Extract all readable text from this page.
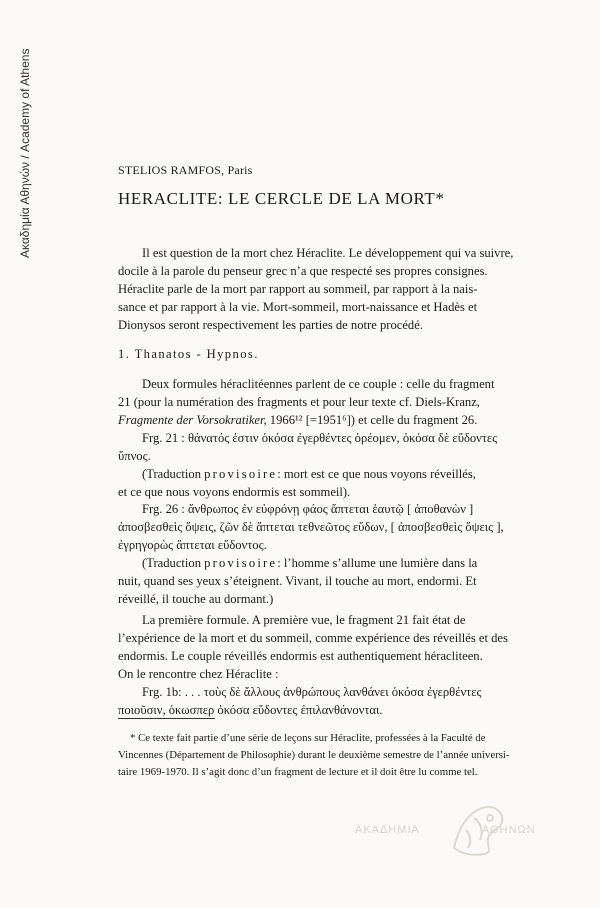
Ακαδημία Αθηνών / Academy of Athens	STELIOS RAMFOS, Paris
HERACLITE: LE CERCLE DE LA MORT*
Il est question de la mort chez Héraclite. Le développement qui va suivre,
docile à la parole du penseur grec n’a que respecté ses propres consignes.
Héraclite parle de la mort par rapport au sommeil, par rapport à la nais-
sance et par rapport à la vie. Mort-sommeil, mort-naissance et Hadès et
Dionysos seront respectivement les parties de notre procédé.
1. Thanatos - Hypnos.
Deux formules héraclitéennes parlent de ce couple : celle du fragment
21 (pour la numération des fragments et pour leur texte cf. Diels-Kranz,
Fragmente der Vorsokratiker, 1966¹² [=1951⁶]) et celle du fragment 26.
Frg. 21 : θάνατός ἐστιν ὁκόσα ἐγερθέντες ὁρέομεν, ὁκόσα δὲ εὕδοντες
ὕπνος.
(Traduction provisoire: mort est ce que nous voyons réveillés,
et ce que nous voyons endormis est sommeil).
Frg. 26 : ἄνθρωπος ἐν εὐφρόνῃ φάος ἅπτεται ἑαυτῷ [ ἀποθανὼν ]
ἀποσβεσθεὶς ὄψεις, ζῶν δὲ ἅπτεται τεθνεῶτος εὕδων, [ ἀποσβεσθεὶς ὄψεις ],
ἐγρηγορὼς ἅπτεται εὕδοντος.
(Traduction provisoire: l’homme s’allume une lumière dans la
nuit, quand ses yeux s’éteignent. Vivant, il touche au mort, endormi. Et
réveillé, il touche au dormant.)
La première formule. A première vue, le fragment 21 fait état de
l’expérience de la mort et du sommeil, comme expérience des réveillés et des
endormis. Le couple réveillés endormis est authentiquement héracliteen.
On le rencontre chez Héraclite :
Frg. 1b: . . . τοὺς δὲ ἄλλους ἀνθρώπους λανθάνει ὁκόσα ἐγερθέντες
ποιοῦσιν, ὁκωσπερ ὁκόσα εὕδοντες ἐπιλανθάνονται.
* Ce texte fait partie d’une série de leçons sur Héraclite, professées à la Faculté de
Vincennes (Département de Philosophie) durant le deuxième semestre de l’année universi-
taire 1969-1970. Il s’agit donc d’un fragment de lecture et il doit être lu comme tel.
ΑΚΑΔΗΜΙΑ	ΑΘΗΝΩΝ
